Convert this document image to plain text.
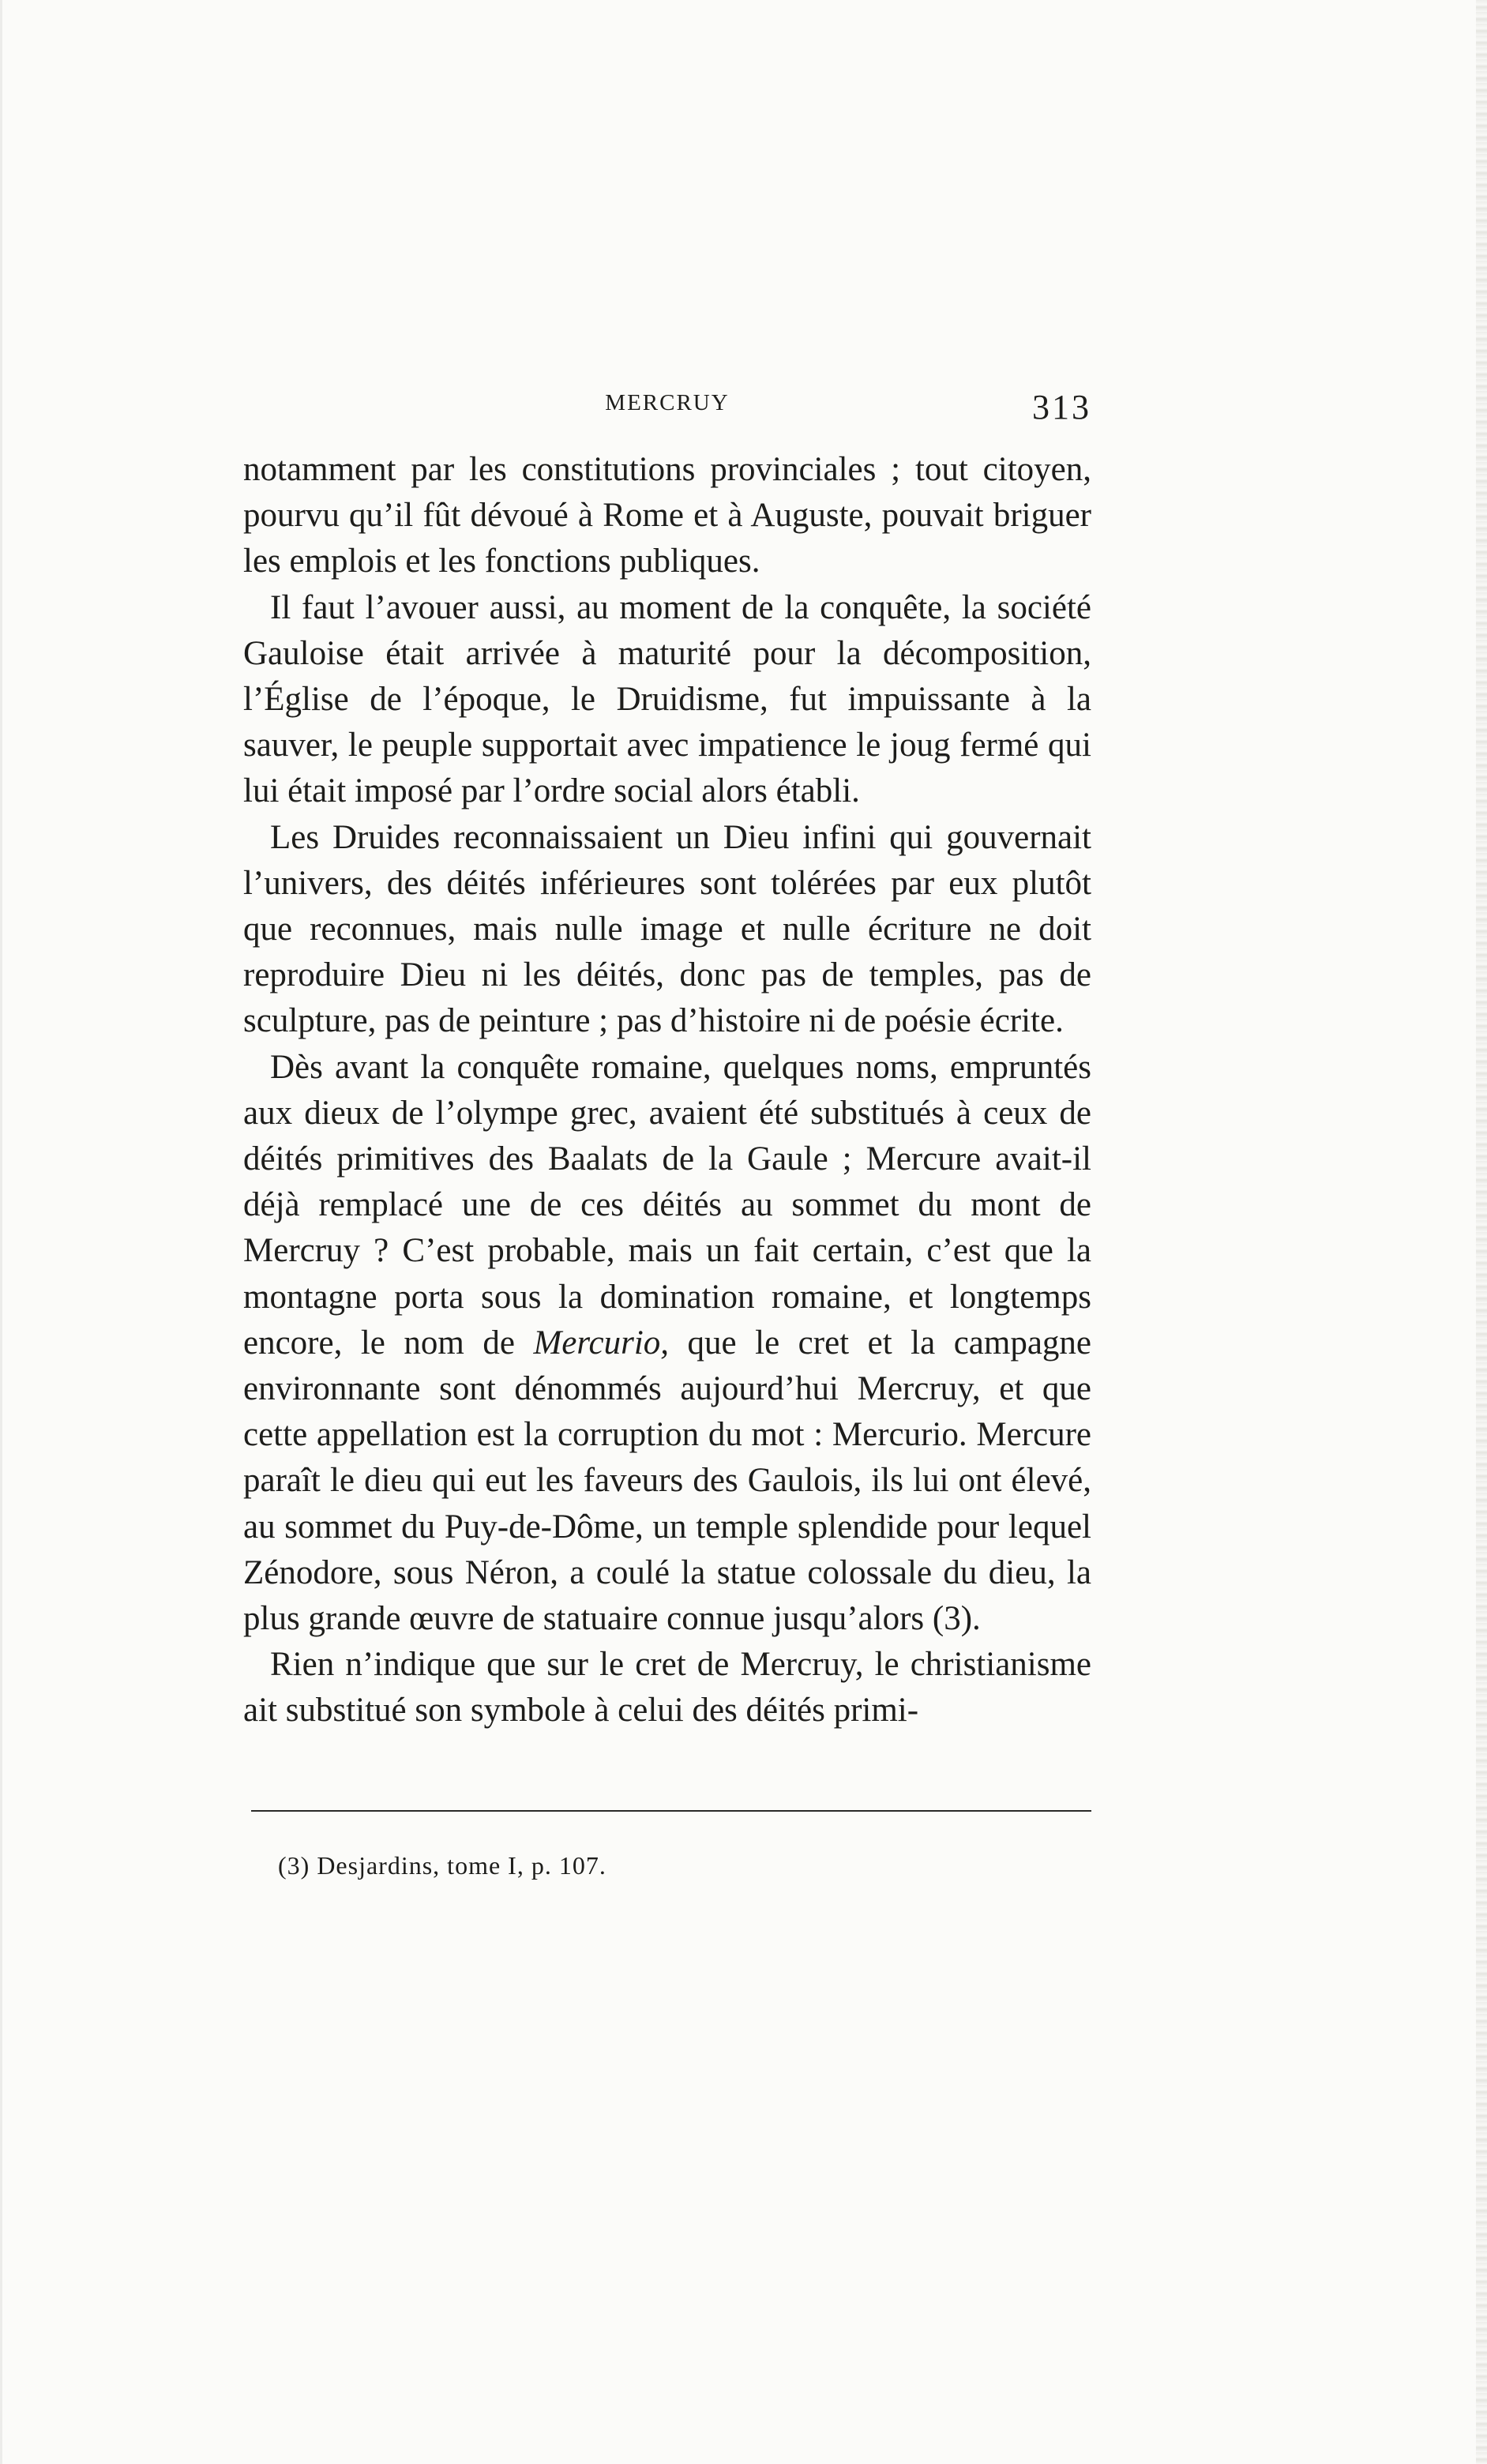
MERCRUY	313

notamment par les constitutions provinciales ; tout citoyen, pourvu qu’il fût dévoué à Rome et à Auguste, pouvait briguer les emplois et les fonctions publiques.

Il faut l’avouer aussi, au moment de la conquête, la société Gauloise était arrivée à maturité pour la décomposition, l’Église de l’époque, le Druidisme, fut impuissante à la sauver, le peuple supportait avec impatience le joug fermé qui lui était imposé par l’ordre social alors établi.

Les Druides reconnaissaient un Dieu infini qui gouvernait l’univers, des déités inférieures sont tolérées par eux plutôt que reconnues, mais nulle image et nulle écriture ne doit reproduire Dieu ni les déités, donc pas de temples, pas de sculpture, pas de peinture ; pas d’histoire ni de poésie écrite.

Dès avant la conquête romaine, quelques noms, empruntés aux dieux de l’olympe grec, avaient été substitués à ceux de déités primitives des Baalats de la Gaule ; Mercure avait-il déjà remplacé une de ces déités au sommet du mont de Mercruy ? C’est probable, mais un fait certain, c’est que la montagne porta sous la domination romaine, et longtemps encore, le nom de Mercurio, que le cret et la campagne environnante sont dénommés aujourd’hui Mercruy, et que cette appellation est la corruption du mot : Mercurio. Mercure paraît le dieu qui eut les faveurs des Gaulois, ils lui ont élevé, au sommet du Puy-de-Dôme, un temple splendide pour lequel Zénodore, sous Néron, a coulé la statue colossale du dieu, la plus grande œuvre de statuaire connue jusqu’alors (3).

Rien n’indique que sur le cret de Mercruy, le christianisme ait substitué son symbole à celui des déités primi-

(3) Desjardins, tome I, p. 107.
